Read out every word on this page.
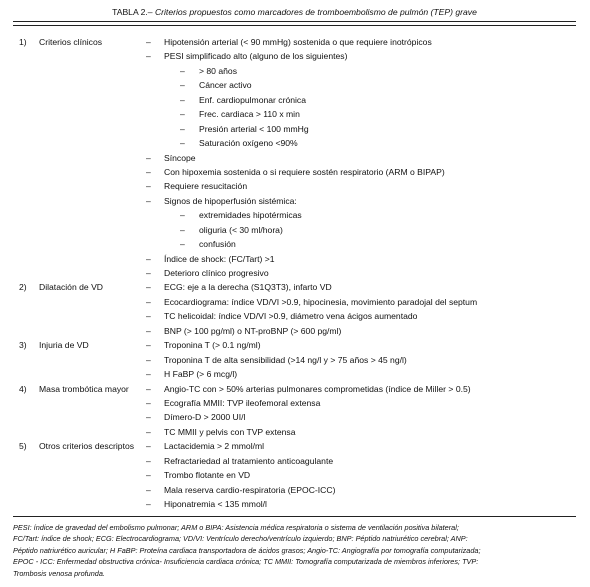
TABLA 2.– Criterios propuestos como marcadores de tromboembolismo de pulmón (TEP) grave
1) Criterios clínicos	– Hipotensión arterial (< 90 mmHg) sostenida o que requiere inotrópicos
– PESI simplificado alto (alguno de los siguientes)
– > 80 años
– Cáncer activo
– Enf. cardiopulmonar crónica
– Frec. cardiaca > 110 x min
– Presión arterial < 100 mmHg
– Saturación oxígeno <90%
– Síncope
– Con hipoxemia sostenida o si requiere sostén respiratorio (ARM o BIPAP)
– Requiere resucitación
– Signos de hipoperfusión sistémica:
– extremidades hipotérmicas
– oliguria (< 30 ml/hora)
– confusión
– Índice de shock: (FC/Tart) >1
– Deterioro clínico progresivo
2) Dilatación de VD	– ECG: eje a la derecha (S1Q3T3), infarto VD
– Ecocardiograma: índice VD/VI >0.9, hipocinesia, movimiento paradojal del septum
– TC helicoidal: índice VD/VI >0.9, diámetro vena ácigos aumentado
– BNP (> 100 pg/ml) o NT-proBNP (> 600 pg/ml)
3) Injuria de VD	– Troponina T (> 0.1 ng/ml)
– Troponina T de alta sensibilidad (>14 ng/l y > 75 años > 45 ng/l)
– H FaBP (> 6 mcg/l)
4) Masa trombótica mayor – Angio-TC con > 50% arterias pulmonares comprometidas (índice de Miller > 0.5)
– Ecografía MMII: TVP ileofemoral extensa
– Dímero-D > 2000 UI/l
– TC MMII y pelvis con TVP extensa
5) Otros criterios descriptos – Lactacidemia > 2 mmol/ml
– Refractariedad al tratamiento anticoagulante
– Trombo flotante en VD
– Mala reserva cardio-respiratoria (EPOC-ICC)
– Hiponatremia < 135 mmol/l

PESI: índice de gravedad del embolismo pulmonar; ARM o BIPA: Asistencia médica respiratoria o sistema de ventilación positiva bilateral;

FC/Tart: índice de shock; ECG: Electrocardiograma; VD/VI: Ventrículo derecho/ventrículo izquierdo; BNP: Péptido natriurético cerebral; ANP:

Péptido natriurético auricular; H FaBP: Proteína cardiaca transportadora de ácidos grasos; Angio-TC: Angiografía por tomografía computarizada;

EPOC - ICC: Enfermedad obstructiva crónica- Insuficiencia cardiaca crónica; TC MMII: Tomografía computarizada de miembros inferiores; TVP:

Trombosis venosa profunda.
